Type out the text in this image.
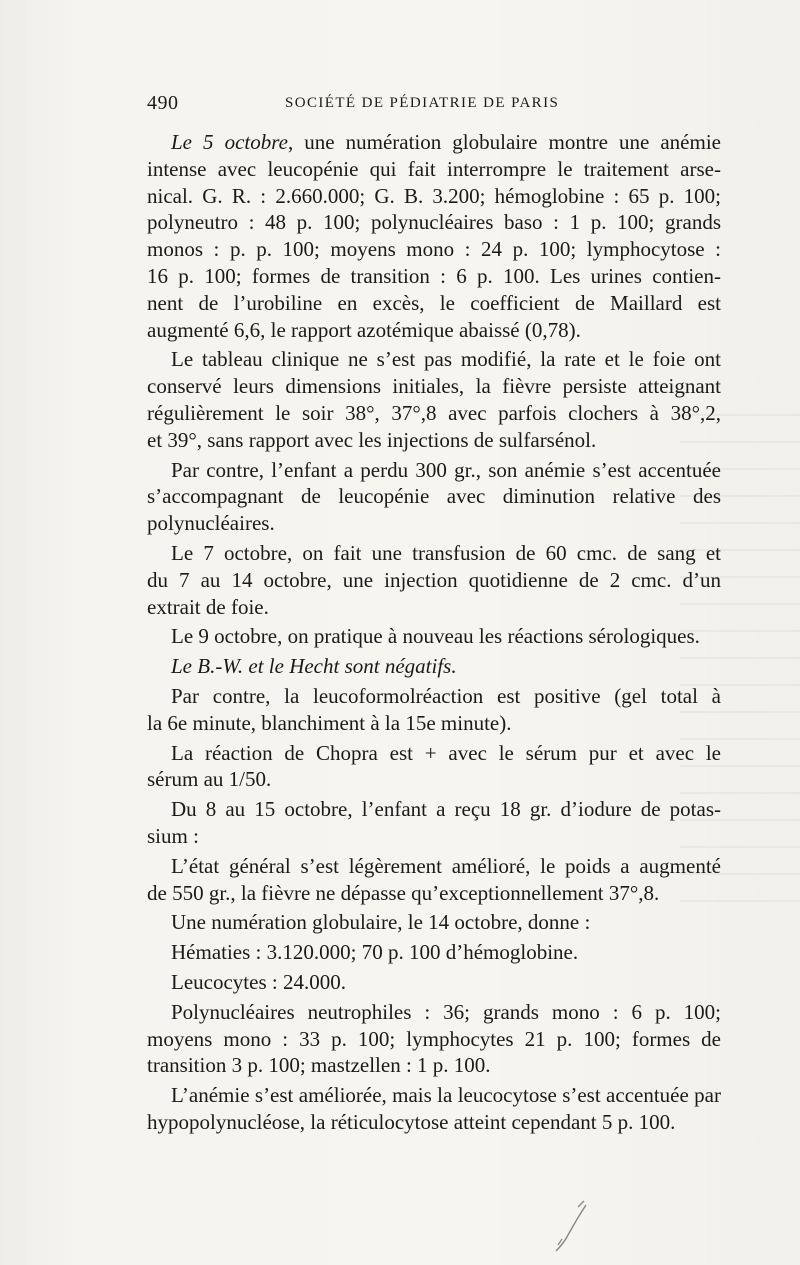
490	SOCIÉTÉ DE PÉDIATRIE DE PARIS
Le 5 octobre, une numération globulaire montre une anémie
intense avec leucopénie qui fait interrompre le traitement arse-
nical. G. R. : 2.660.000; G. B. 3.200; hémoglobine : 65 p. 100;
polyneutro : 48 p. 100; polynucléaires baso : 1 p. 100; grands
monos : p. p. 100; moyens mono : 24 p. 100; lymphocytose :
16 p. 100; formes de transition : 6 p. 100. Les urines contien-
nent de l’urobiline en excès, le coefficient de Maillard est
augmenté 6,6, le rapport azotémique abaissé (0,78).
Le tableau clinique ne s’est pas modifié, la rate et le foie ont
conservé leurs dimensions initiales, la fièvre persiste atteignant
régulièrement le soir 38°, 37°,8 avec parfois clochers à 38°,2,
et 39°, sans rapport avec les injections de sulfarsénol.
Par contre, l’enfant a perdu 300 gr., son anémie s’est accentuée
s’accompagnant de leucopénie avec diminution relative des
polynucléaires.
Le 7 octobre, on fait une transfusion de 60 cmc. de sang et
du 7 au 14 octobre, une injection quotidienne de 2 cmc. d’un
extrait de foie.
Le 9 octobre, on pratique à nouveau les réactions sérologiques.
Le B.-W. et le Hecht sont négatifs.
Par contre, la leucoformolréaction est positive (gel total à
la 6e minute, blanchiment à la 15e minute).
La réaction de Chopra est + avec le sérum pur et avec le
sérum au 1/50.
Du 8 au 15 octobre, l’enfant a reçu 18 gr. d’iodure de potas-
sium :
L’état général s’est légèrement amélioré, le poids a augmenté
de 550 gr., la fièvre ne dépasse qu’exceptionnellement 37°,8.
Une numération globulaire, le 14 octobre, donne :
Hématies : 3.120.000; 70 p. 100 d’hémoglobine.
Leucocytes : 24.000.
Polynucléaires neutrophiles : 36; grands mono : 6 p. 100;
moyens mono : 33 p. 100; lymphocytes 21 p. 100; formes de
transition 3 p. 100; mastzellen : 1 p. 100.
L’anémie s’est améliorée, mais la leucocytose s’est accentuée par
hypopolynucléose, la réticulocytose atteint cependant 5 p. 100.
